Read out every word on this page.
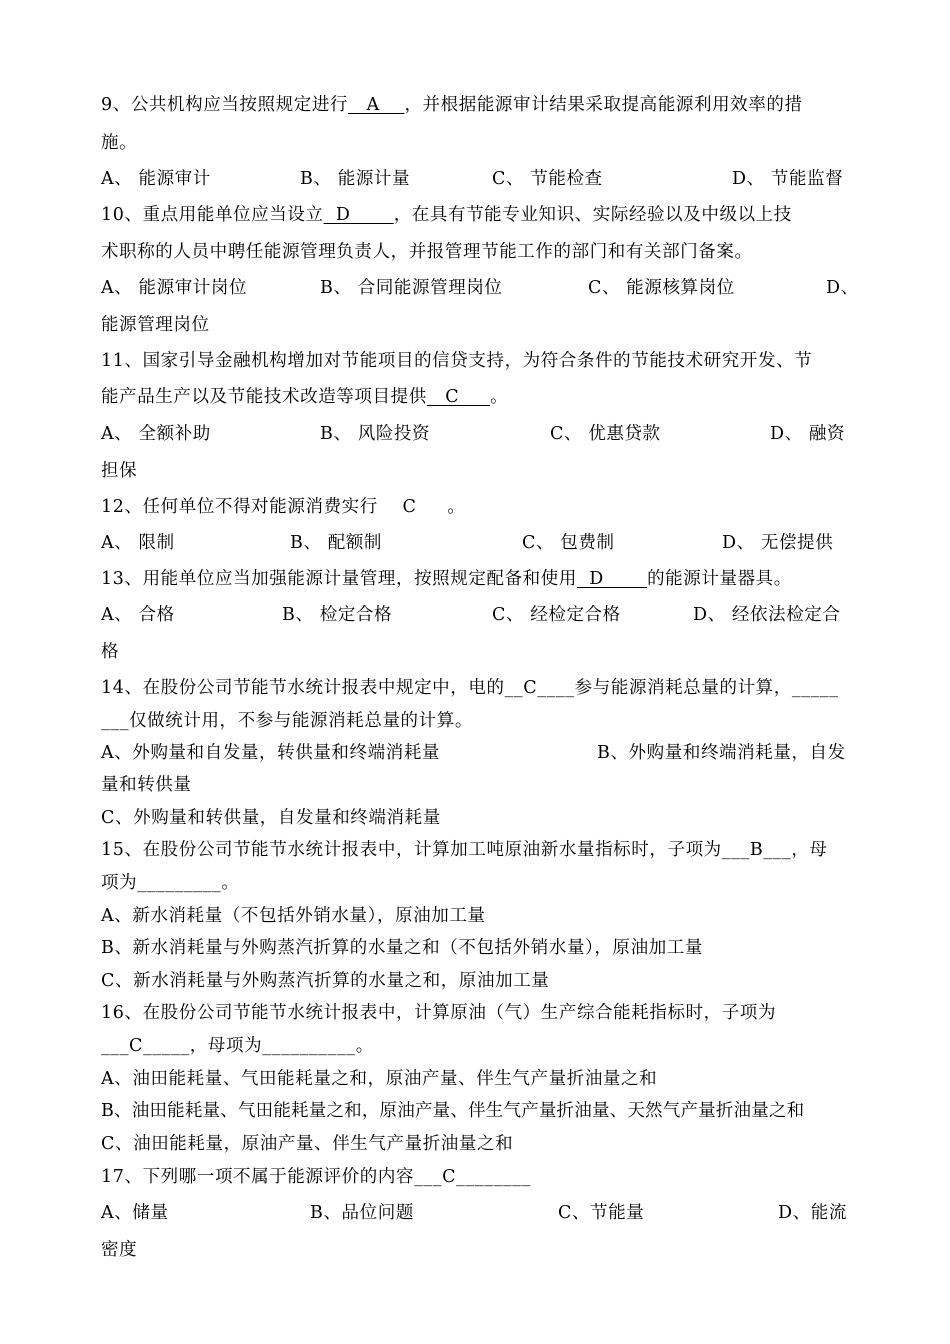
9、公共机构应当按照规定进行   A    ，并根据能源审计结果采取提高能源利用效率的措
施。
A、 能源审计	B、 能源计量	C、 节能检查	D、 节能监督
10、重点用能单位应当设立  D       ，在具有节能专业知识、实际经验以及中级以上技
术职称的人员中聘任能源管理负责人，并报管理节能工作的部门和有关部门备案。
A、 能源审计岗位	B、 合同能源管理岗位	C、 能源核算岗位	D、
能源管理岗位
11、国家引导金融机构增加对节能项目的信贷支持，为符合条件的节能技术研究开发、节
能产品生产以及节能技术改造等项目提供   C     。
A、 全额补助	B、 风险投资	C、 优惠贷款	D、 融资
担保
12、任何单位不得对能源消费实行    C     。
A、 限制	B、 配额制	C、 包费制	D、 无偿提供
13、用能单位应当加强能源计量管理，按照规定配备和使用  D       的能源计量器具。
A、 合格	B、 检定合格	C、 经检定合格	D、 经依法检定合
格
14、在股份公司节能节水统计报表中规定中，电的__C____参与能源消耗总量的计算，_____
___仅做统计用，不参与能源消耗总量的计算。
A、外购量和自发量，转供量和终端消耗量	B、外购量和终端消耗量，自发
量和转供量
C、外购量和转供量，自发量和终端消耗量
15、在股份公司节能节水统计报表中，计算加工吨原油新水量指标时，子项为___B___，母
项为_________。
A、新水消耗量（不包括外销水量），原油加工量
B、新水消耗量与外购蒸汽折算的水量之和（不包括外销水量），原油加工量
C、新水消耗量与外购蒸汽折算的水量之和，原油加工量
16、在股份公司节能节水统计报表中，计算原油（气）生产综合能耗指标时，子项为
___C_____，母项为__________。
A、油田能耗量、气田能耗量之和，原油产量、伴生气产量折油量之和
B、油田能耗量、气田能耗量之和，原油产量、伴生气产量折油量、天然气产量折油量之和
C、油田能耗量，原油产量、伴生气产量折油量之和
17、下列哪一项不属于能源评价的内容___C________
A、储量	B、品位问题	C、节能量	D、能流
密度
